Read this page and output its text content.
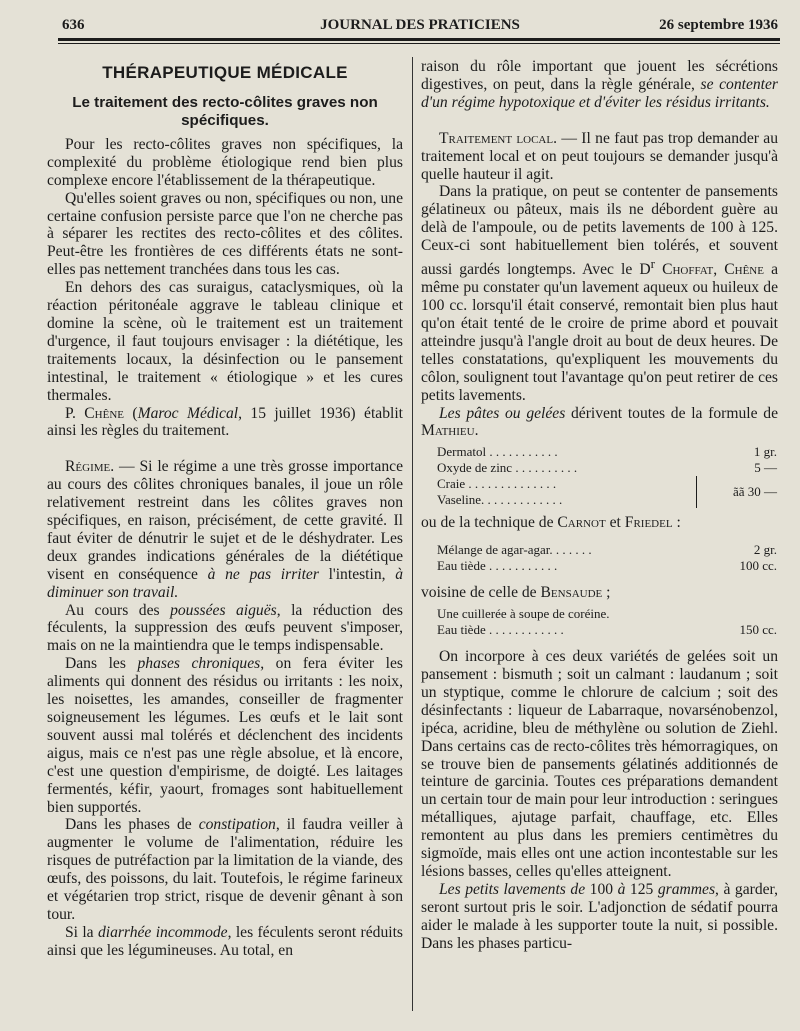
636	JOURNAL DES PRATICIENS	26 septembre 1936
THÉRAPEUTIQUE MÉDICALE
Le traitement des recto-côlites graves non spécifiques.

Pour les recto-côlites graves non spécifiques, la complexité du problème étiologique rend bien plus complexe encore l'établissement de la thérapeutique.

Qu'elles soient graves ou non, spécifiques ou non, une certaine confusion persiste parce que l'on ne cherche pas à séparer les rectites des recto-côlites et des côlites. Peut-être les frontières de ces différents états ne sont-elles pas nettement tranchées dans tous les cas.

En dehors des cas suraigus, cataclysmiques, où la réaction péritonéale aggrave le tableau clinique et domine la scène, où le traitement est un traitement d'urgence, il faut toujours envisager : la diététique, les traitements locaux, la désinfection ou le pansement intestinal, le traitement « étiologique » et les cures thermales.

P. Chêne (Maroc Médical, 15 juillet 1936) établit ainsi les règles du traitement.

Régime. — Si le régime a une très grosse importance au cours des côlites chroniques banales, il joue un rôle relativement restreint dans les côlites graves non spécifiques, en raison, précisément, de cette gravité. Il faut éviter de dénutrir le sujet et de le déshydrater. Les deux grandes indications générales de la diététique visent en conséquence à ne pas irriter l'intestin, à diminuer son travail.

Au cours des poussées aiguës, la réduction des féculents, la suppression des œufs peuvent s'imposer, mais on ne la maintiendra que le temps indispensable.

Dans les phases chroniques, on fera éviter les aliments qui donnent des résidus ou irritants : les noix, les noisettes, les amandes, conseiller de fragmenter soigneusement les légumes. Les œufs et le lait sont souvent aussi mal tolérés et déclenchent des incidents aigus, mais ce n'est pas une règle absolue, et là encore, c'est une question d'empirisme, de doigté. Les laitages fermentés, kéfir, yaourt, fromages sont habituellement bien supportés.

Dans les phases de constipation, il faudra veiller à augmenter le volume de l'alimentation, réduire les risques de putréfaction par la limitation de la viande, des œufs, des poissons, du lait. Toutefois, le régime farineux et végétarien trop strict, risque de devenir gênant à son tour.

Si la diarrhée incommode, les féculents seront réduits ainsi que les légumineuses. Au total, en

raison du rôle important que jouent les sécrétions digestives, on peut, dans la règle générale, se contenter d'un régime hypotoxique et d'éviter les résidus irritants.

Traitement local. — Il ne faut pas trop demander au traitement local et on peut toujours se demander jusqu'à quelle hauteur il agit.

Dans la pratique, on peut se contenter de pansements gélatineux ou pâteux, mais ils ne débordent guère au delà de l'ampoule, ou de petits lavements de 100 à 125. Ceux-ci sont habituellement bien tolérés, et souvent aussi gardés longtemps. Avec le $D^r$ Choffat, Chêne a même pu constater qu'un lavement aqueux ou huileux de 100 cc. lorsqu'il était conservé, remontait bien plus haut qu'on était tenté de le croire de prime abord et pouvait atteindre jusqu'à l'angle droit au bout de deux heures. De telles constatations, qu'expliquent les mouvements du côlon, soulignent tout l'avantage qu'on peut retirer de ces petits lavements.

Les pâtes ou gelées dérivent toutes de la formule de Mathieu.

Dermatol . . . . . . . . . . .		1 gr.
Oxyde de zinc . . . . . . . . . .		5 —
Craie . . . . . . . . . . . . . .		ãã 30 —
Vaseline. . . . . . . . . . . . .		

ou de la technique de Carnot et Friedel :

Mélange de agar-agar. . . . . . .	2 gr.
Eau tiède . . . . . . . . . . .	100 cc.

voisine de celle de Bensaude ;

Une cuillerée à soupe de coréine.
Eau tiède . . . . . . . . . . . .	150 cc.

On incorpore à ces deux variétés de gelées soit un pansement : bismuth ; soit un calmant : laudanum ; soit un styptique, comme le chlorure de calcium ; soit des désinfectants : liqueur de Labarraque, novarsénobenzol, ipéca, acridine, bleu de méthylène ou solution de Ziehl. Dans certains cas de recto-côlites très hémorragiques, on se trouve bien de pansements gélatinés additionnés de teinture de garcinia. Toutes ces préparations demandent un certain tour de main pour leur introduction : seringues métalliques, ajutage parfait, chauffage, etc. Elles remontent au plus dans les premiers centimètres du sigmoïde, mais elles ont une action incontestable sur les lésions basses, celles qu'elles atteignent.

Les petits lavements de 100 à 125 grammes, à garder, seront surtout pris le soir. L'adjonction de sédatif pourra aider le malade à les supporter toute la nuit, si possible. Dans les phases particu-
